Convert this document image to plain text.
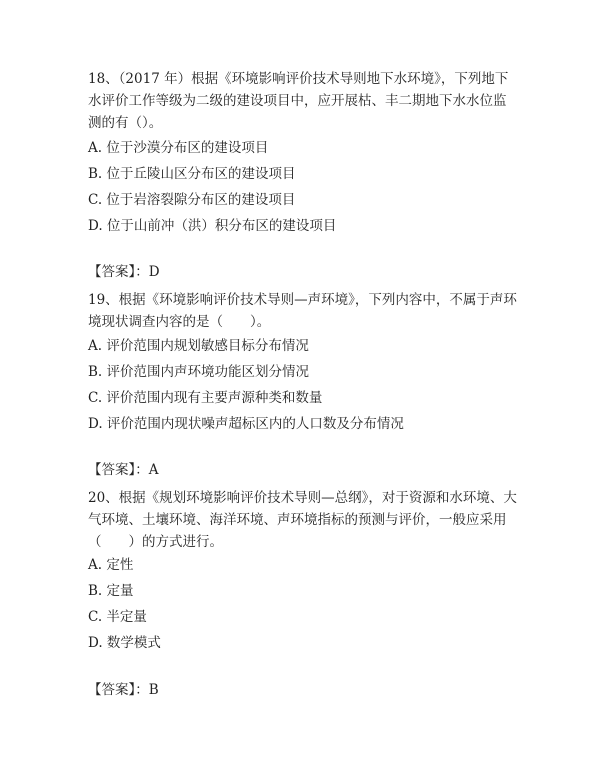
18、（2017 年）根据《环境影响评价技术导则地下水环境》，下列地下水评价工作等级为二级的建设项目中，应开展枯、丰二期地下水水位监测的有（）。

A. 位于沙漠分布区的建设项目

B. 位于丘陵山区分布区的建设项目

C. 位于岩溶裂隙分布区的建设项目

D. 位于山前冲（洪）积分布区的建设项目

【答案】：D

19、根据《环境影响评价技术导则—声环境》，下列内容中，不属于声环境现状调查内容的是（　　）。

A. 评价范围内规划敏感目标分布情况

B. 评价范围内声环境功能区划分情况

C. 评价范围内现有主要声源种类和数量

D. 评价范围内现状噪声超标区内的人口数及分布情况

【答案】：A

20、根据《规划环境影响评价技术导则—总纲》，对于资源和水环境、大气环境、土壤环境、海洋环境、声环境指标的预测与评价，一般应采用（　　）的方式进行。

A. 定性

B. 定量

C. 半定量

D. 数学模式

【答案】：B
